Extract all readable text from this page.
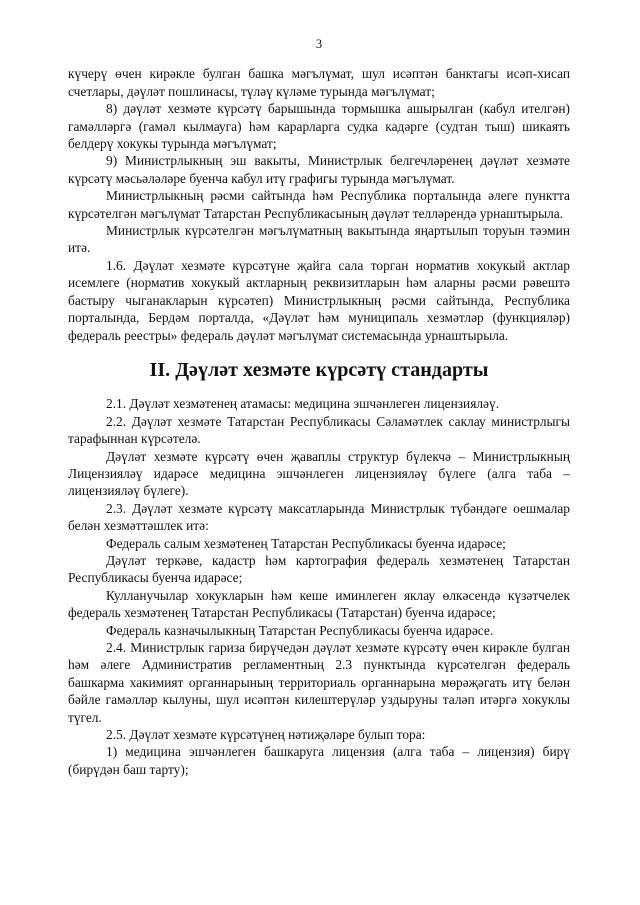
3

күчерү өчен кирәкле булган башка мәгълүмат, шул исәптән банктагы исәп-хисап счетлары, дәүләт пошлинасы, түләү күләме турында мәгълүмат;

8) дәүләт хезмәте күрсәтү барышында тормышка ашырылган (кабул ителгән) гамәлләргә (гамәл кылмауга) һәм карарларга судка кадәрге (судтан тыш) шикаять белдерү хокукы турында мәгълүмат;

9) Министрлыкның эш вакыты, Министрлык белгечләренең дәүләт хезмәте күрсәтү мәсьәләләре буенча кабул итү графигы турында мәгълүмат.

Министрлыкның рәсми сайтында һәм Республика порталында әлеге пунктта күрсәтелгән мәгълүмат Татарстан Республикасының дәүләт телләрендә урнаштырыла.

Министрлык күрсәтелгән мәгълүматның вакытында яңартылып торуын тәэмин итә.

1.6. Дәүләт хезмәте күрсәтүне җайга сала торган норматив хокукый актлар исемлеге (норматив хокукый актларның реквизитларын һәм аларны рәсми рәвештә бастыру чыганакларын күрсәтеп) Министрлыкның рәсми сайтында, Республика порталында, Бердәм порталда, «Дәүләт һәм муниципаль хезмәтләр (функцияләр) федераль реестры» федераль дәүләт мәгълүмат системасында урнаштырыла.

II. Дәүләт хезмәте күрсәтү стандарты

2.1. Дәүләт хезмәтенең атамасы: медицина эшчәнлеген лицензияләү.

2.2. Дәүләт хезмәте Татарстан Республикасы Сәламәтлек саклау министрлыгы тарафыннан күрсәтелә.

Дәүләт хезмәте күрсәтү өчен җаваплы структур бүлекчә – Министрлыкның Лицензияләү идарәсе медицина эшчәнлеген лицензияләү бүлеге (алга таба – лицензияләү бүлеге).

2.3. Дәүләт хезмәте күрсәтү максатларында Министрлык түбәндәге оешмалар белән хезмәттәшлек итә:

Федераль салым хезмәтенең Татарстан Республикасы буенча идарәсе;

Дәүләт теркәве, кадастр һәм картография федераль хезмәтенең Татарстан Республикасы буенча идарәсе;

Кулланучылар хокукларын һәм кеше иминлеген яклау өлкәсендә күзәтчелек федераль хезмәтенең Татарстан Республикасы (Татарстан) буенча идарәсе;

Федераль казначылыкның Татарстан Республикасы буенча идарәсе.

2.4. Министрлык гариза бирүчедән дәүләт хезмәте күрсәтү өчен кирәкле булган һәм әлеге Административ регламентның 2.3 пунктында күрсәтелгән федераль башкарма хакимият органнарының территориаль органнарына мөрәҗәгать итү белән бәйле гамәлләр кылуны, шул исәптән килештерүләр уздыруны таләп итәргә хокуклы түгел.

2.5. Дәүләт хезмәте күрсәтүнең нәтиҗәләре булып тора:

1) медицина эшчәнлеген башкаруга лицензия (алга таба – лицензия) бирү (бирүдән баш тарту);
